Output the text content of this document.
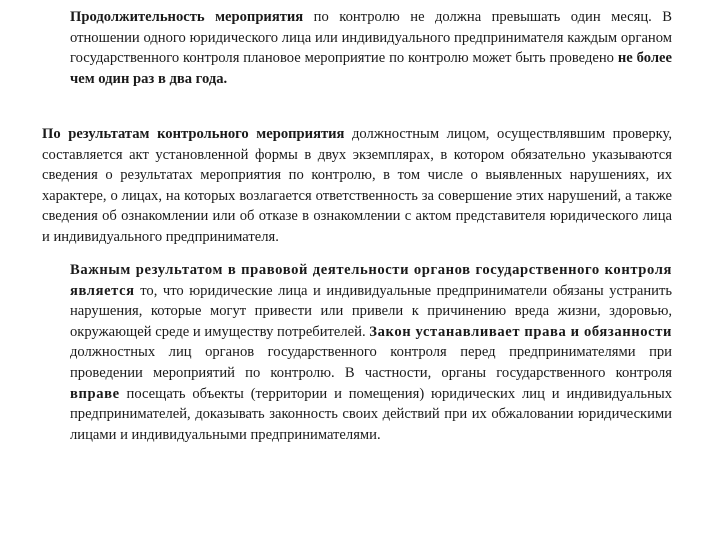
Продолжительность мероприятия по контролю не должна превышать один месяц. В отношении одного юридического лица или индивидуального предпринимателя каждым органом государственного контроля плановое мероприятие по контролю может быть проведено не более чем один раз в два года.

По результатам контрольного мероприятия должностным лицом, осуществлявшим проверку, составляется акт установленной формы в двух экземплярах, в котором обязательно указываются сведения о результатах мероприятия по контролю, в том числе о выявленных нарушениях, их характере, о лицах, на которых возлагается ответственность за совершение этих нарушений, а также сведения об ознакомлении или об отказе в ознакомлении с актом представителя юридического лица и индивидуального предпринимателя.

Важным результатом в правовой деятельности органов государственного контроля является то, что юридические лица и индивидуальные предприниматели обязаны устранить нарушения, которые могут привести или привели к причинению вреда жизни, здоровью, окружающей среде и имуществу потребителей. Закон устанавливает права и обязанности должностных лиц органов государственного контроля перед предпринимателями при проведении мероприятий по контролю. В частности, органы государственного контроля вправе посещать объекты (территории и помещения) юридических лиц и индивидуальных предпринимателей, доказывать законность своих действий при их обжаловании юридическими лицами и индивидуальными предпринимателями.
